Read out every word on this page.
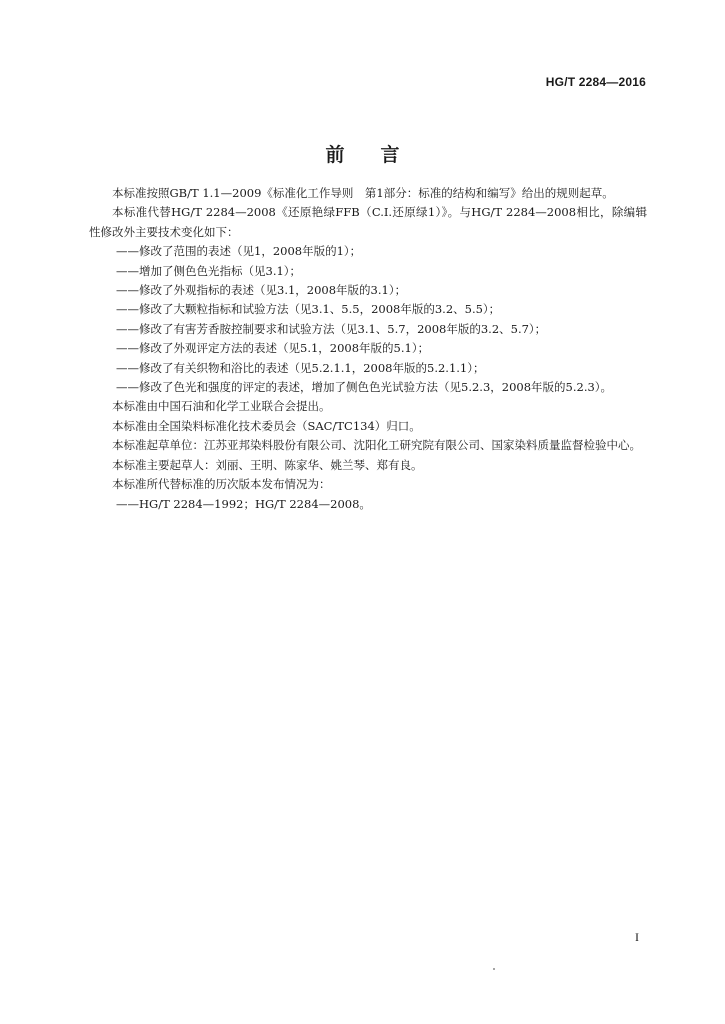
HG/T 2284—2016
前言

本标准按照GB/T 1.1—2009《标准化工作导则　第1部分：标准的结构和编写》给出的规则起草。

本标准代替HG/T 2284—2008《还原艳绿FFB（C.I.还原绿1）》。与HG/T 2284—2008相比，除编辑性修改外主要技术变化如下：

——修改了范围的表述（见1，2008年版的1）；

——增加了侧色色光指标（见3.1）；

——修改了外观指标的表述（见3.1，2008年版的3.1）；

——修改了大颗粒指标和试验方法（见3.1、5.5，2008年版的3.2、5.5）；

——修改了有害芳香胺控制要求和试验方法（见3.1、5.7，2008年版的3.2、5.7）；

——修改了外观评定方法的表述（见5.1，2008年版的5.1）；

——修改了有关织物和浴比的表述（见5.2.1.1，2008年版的5.2.1.1）；

——修改了色光和强度的评定的表述，增加了侧色色光试验方法（见5.2.3，2008年版的5.2.3）。

本标准由中国石油和化学工业联合会提出。

本标准由全国染料标准化技术委员会（SAC/TC134）归口。

本标准起草单位：江苏亚邦染料股份有限公司、沈阳化工研究院有限公司、国家染料质量监督检验中心。

本标准主要起草人：刘丽、王明、陈家华、姚兰琴、郑有良。

本标准所代替标准的历次版本发布情况为：

——HG/T 2284—1992；HG/T 2284—2008。

I
